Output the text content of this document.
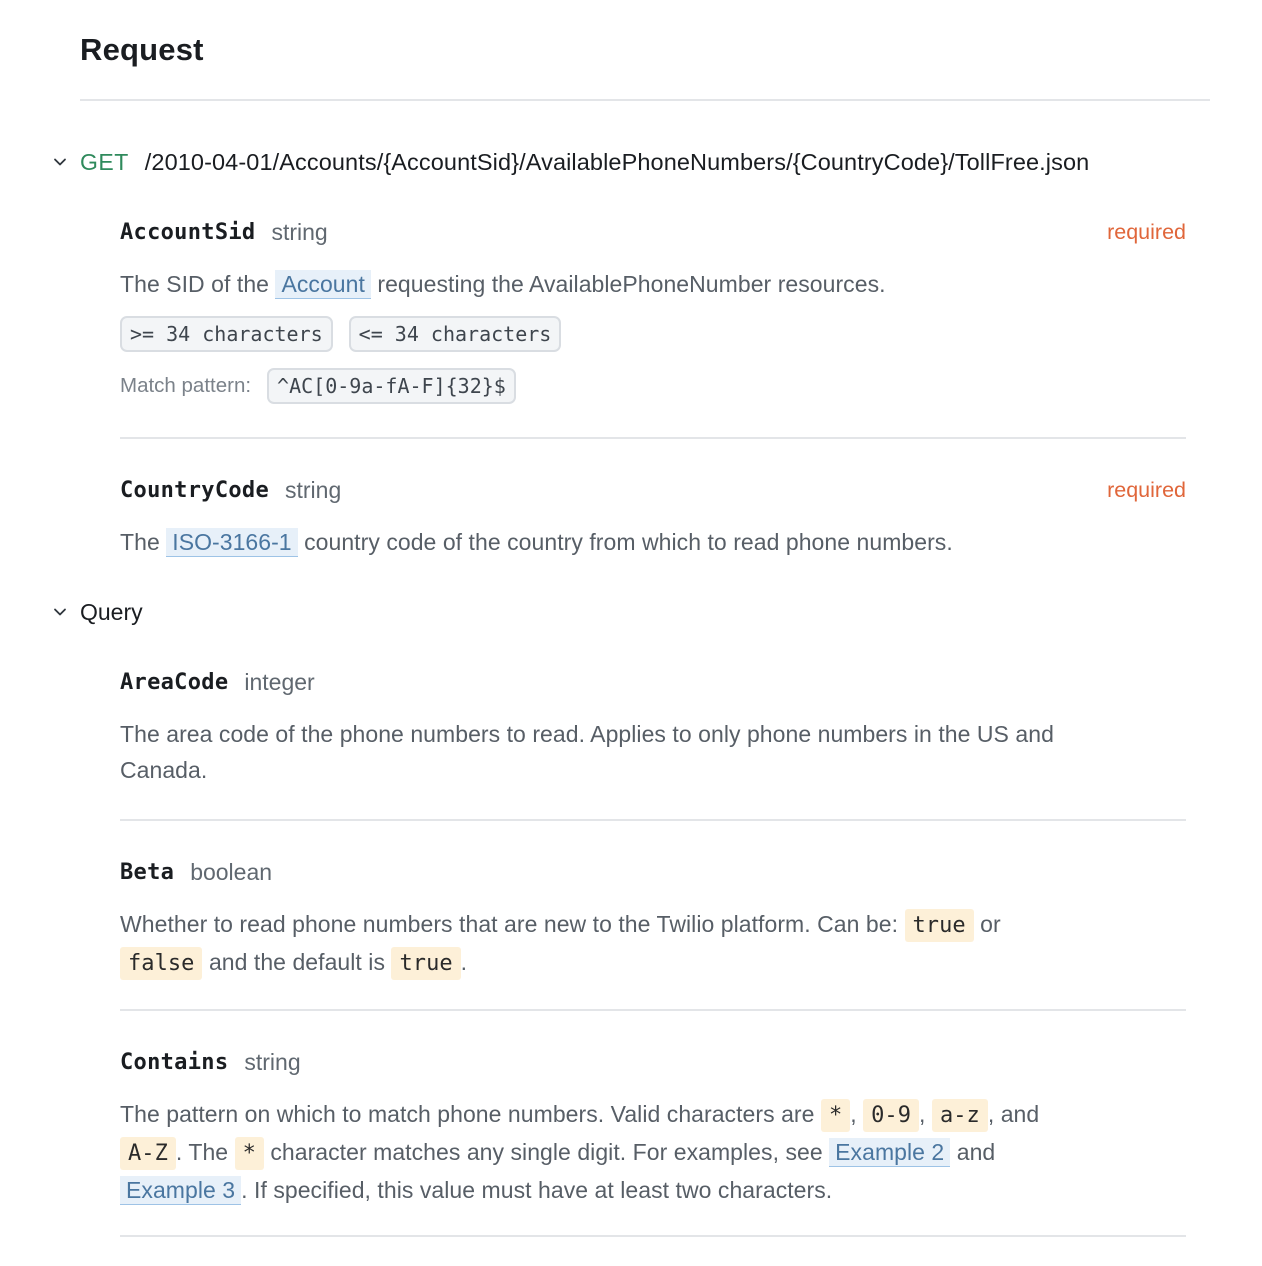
Request
GET /2010-04-01/Accounts/{AccountSid}/AvailablePhoneNumbers/{CountryCode}/TollFree.json
AccountSid string	required
The SID of the Account requesting the AvailablePhoneNumber resources.
>= 34 characters	<= 34 characters
Match pattern:	^AC[0-9a-fA-F]{32}$
CountryCode string	required
The ISO-3166-1 country code of the country from which to read phone numbers.
Query
AreaCode integer
The area code of the phone numbers to read. Applies to only phone numbers in the US and
Canada.
Beta boolean
Whether to read phone numbers that are new to the Twilio platform. Can be: true or
false and the default is true .
Contains string
The pattern on which to match phone numbers. Valid characters are * , 0-9 , a-z , and
A-Z . The * character matches any single digit. For examples, see Example 2 and
Example 3 . If specified, this value must have at least two characters.
